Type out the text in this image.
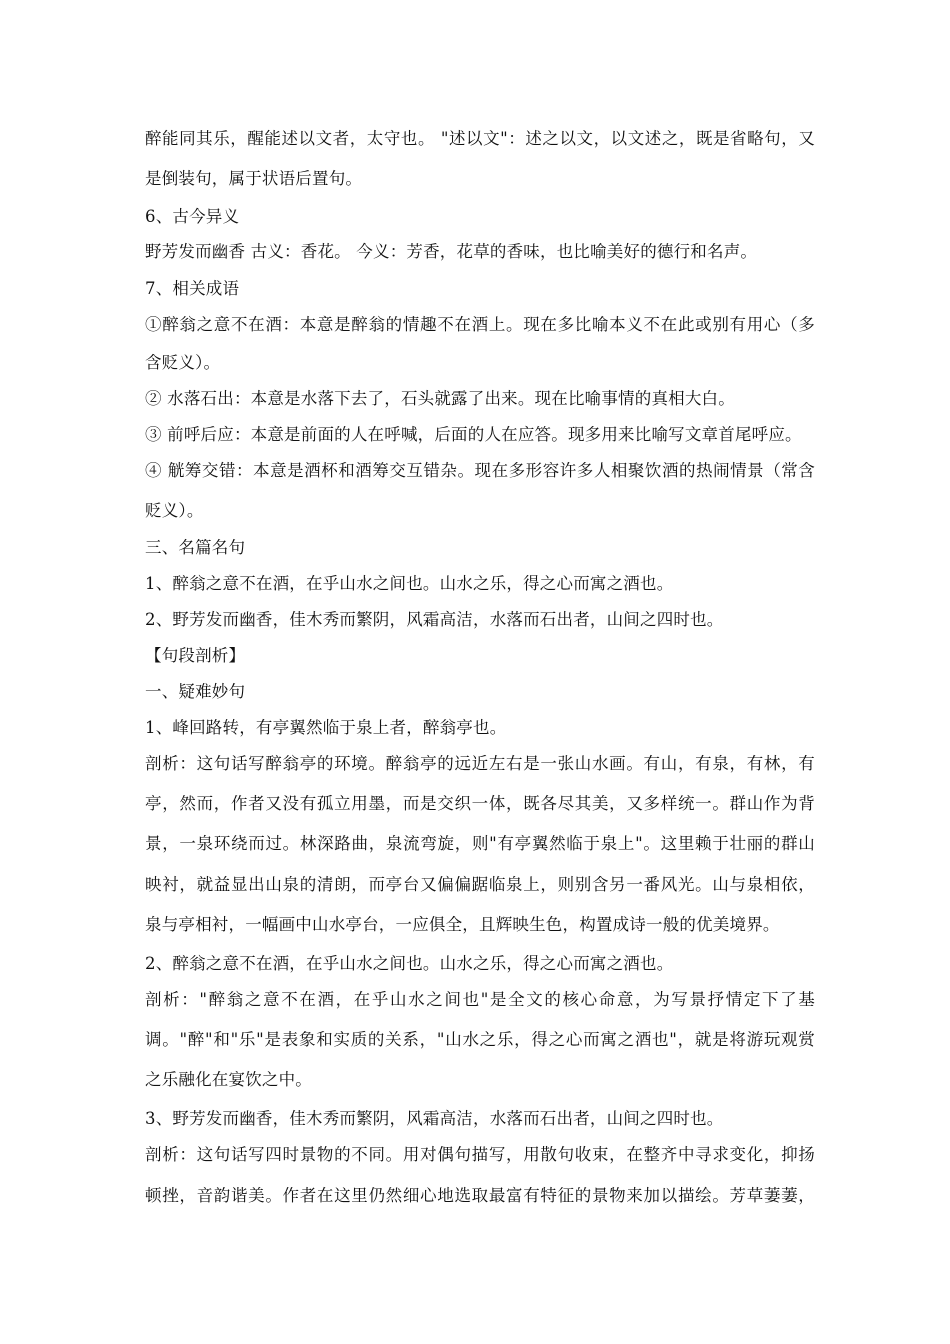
醉能同其乐，醒能述以文者，太守也。 "述以文"：述之以文，以文述之，既是省略句，又
是倒装句，属于状语后置句。
6、古今异义
野芳发而幽香 古义：香花。 今义：芳香，花草的香味，也比喻美好的德行和名声。
7、相关成语
①醉翁之意不在酒：本意是醉翁的情趣不在酒上。现在多比喻本义不在此或别有用心（多
含贬义）。
② 水落石出：本意是水落下去了，石头就露了出来。现在比喻事情的真相大白。
③ 前呼后应：本意是前面的人在呼喊，后面的人在应答。现多用来比喻写文章首尾呼应。
④ 觥筹交错：本意是酒杯和酒筹交互错杂。现在多形容许多人相聚饮酒的热闹情景（常含
贬义）。
三、名篇名句
1、醉翁之意不在酒，在乎山水之间也。山水之乐，得之心而寓之酒也。
2、野芳发而幽香，佳木秀而繁阴，风霜高洁，水落而石出者，山间之四时也。
【句段剖析】
一、疑难妙句
1、峰回路转，有亭翼然临于泉上者，醉翁亭也。
剖析：这句话写醉翁亭的环境。醉翁亭的远近左右是一张山水画。有山，有泉，有林，有
亭，然而，作者又没有孤立用墨，而是交织一体，既各尽其美，又多样统一。群山作为背
景，一泉环绕而过。林深路曲，泉流弯旋，则"有亭翼然临于泉上"。这里赖于壮丽的群山
映衬，就益显出山泉的清朗，而亭台又偏偏踞临泉上，则别含另一番风光。山与泉相依，
泉与亭相衬，一幅画中山水亭台，一应俱全，且辉映生色，构置成诗一般的优美境界。
2、醉翁之意不在酒，在乎山水之间也。山水之乐，得之心而寓之酒也。
剖析："醉翁之意不在酒，在乎山水之间也"是全文的核心命意，为写景抒情定下了基
调。"醉"和"乐"是表象和实质的关系，"山水之乐，得之心而寓之酒也"，就是将游玩观赏
之乐融化在宴饮之中。
3、野芳发而幽香，佳木秀而繁阴，风霜高洁，水落而石出者，山间之四时也。
剖析：这句话写四时景物的不同。用对偶句描写，用散句收束，在整齐中寻求变化，抑扬
顿挫，音韵谐美。作者在这里仍然细心地选取最富有特征的景物来加以描绘。芳草萋萋，
